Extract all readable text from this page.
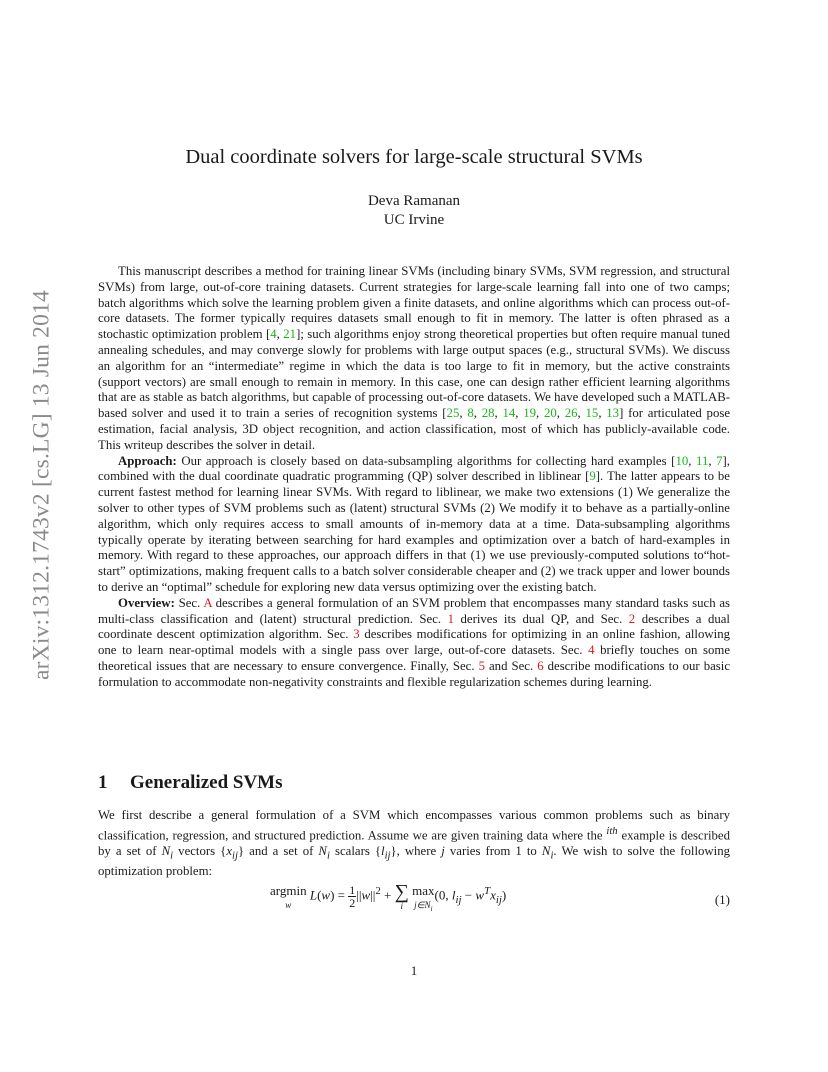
arXiv:1312.1743v2 [cs.LG] 13 Jun 2014
Dual coordinate solvers for large-scale structural SVMs
Deva Ramanan
UC Irvine

This manuscript describes a method for training linear SVMs (including binary SVMs, SVM regression, and structural SVMs) from large, out-of-core training datasets. Current strategies for large-scale learning fall into one of two camps; batch algorithms which solve the learning problem given a finite datasets, and online algorithms which can process out-of-core datasets. The former typically requires datasets small enough to fit in memory. The latter is often phrased as a stochastic optimization problem [4, 21]; such algorithms enjoy strong theoretical properties but often require manual tuned annealing schedules, and may converge slowly for problems with large output spaces (e.g., structural SVMs). We discuss an algorithm for an “intermediate” regime in which the data is too large to fit in memory, but the active constraints (support vectors) are small enough to remain in memory. In this case, one can design rather efficient learning algorithms that are as stable as batch algorithms, but capable of processing out-of-core datasets. We have developed such a MATLAB-based solver and used it to train a series of recognition systems [25, 8, 28, 14, 19, 20, 26, 15, 13] for articulated pose estimation, facial analysis, 3D object recognition, and action classification, most of which has publicly-available code. This writeup describes the solver in detail.

Approach: Our approach is closely based on data-subsampling algorithms for collecting hard examples [10, 11, 7], combined with the dual coordinate quadratic programming (QP) solver described in liblinear [9]. The latter appears to be current fastest method for learning linear SVMs. With regard to liblinear, we make two extensions (1) We generalize the solver to other types of SVM problems such as (latent) structural SVMs (2) We modify it to behave as a partially-online algorithm, which only requires access to small amounts of in-memory data at a time. Data-subsampling algorithms typically operate by iterating between searching for hard examples and optimization over a batch of hard-examples in memory. With regard to these approaches, our approach differs in that (1) we use previously-computed solutions to“hot-start” optimizations, making frequent calls to a batch solver considerable cheaper and (2) we track upper and lower bounds to derive an “optimal” schedule for exploring new data versus optimizing over the existing batch.

Overview: Sec. A describes a general formulation of an SVM problem that encompasses many standard tasks such as multi-class classification and (latent) structural prediction. Sec. 1 derives its dual QP, and Sec. 2 describes a dual coordinate descent optimization algorithm. Sec. 3 describes modifications for optimizing in an online fashion, allowing one to learn near-optimal models with a single pass over large, out-of-core datasets. Sec. 4 briefly touches on some theoretical issues that are necessary to ensure convergence. Finally, Sec. 5 and Sec. 6 describe modifications to our basic formulation to accommodate non-negativity constraints and flexible regularization schemes during learning.

1 Generalized SVMs

We first describe a general formulation of a SVM which encompasses various common problems such as binary classification, regression, and structured prediction. Assume we are given training data where the $^{ith}$ example is described by a set of $N_i$ vectors $\{x_{ij}\}$ and a set of $N_i$ scalars $\{l_{ij}\}$, where j varies from 1 to $N_i$. We wish to solve the following optimization problem:

argmin
w
$L(w) = \frac{1}{2} ||w||^2$ + ∑
i
max
$j\in N_i$
(0, $l_{ij} - w^Tx_{ij}$)	(1)
1
